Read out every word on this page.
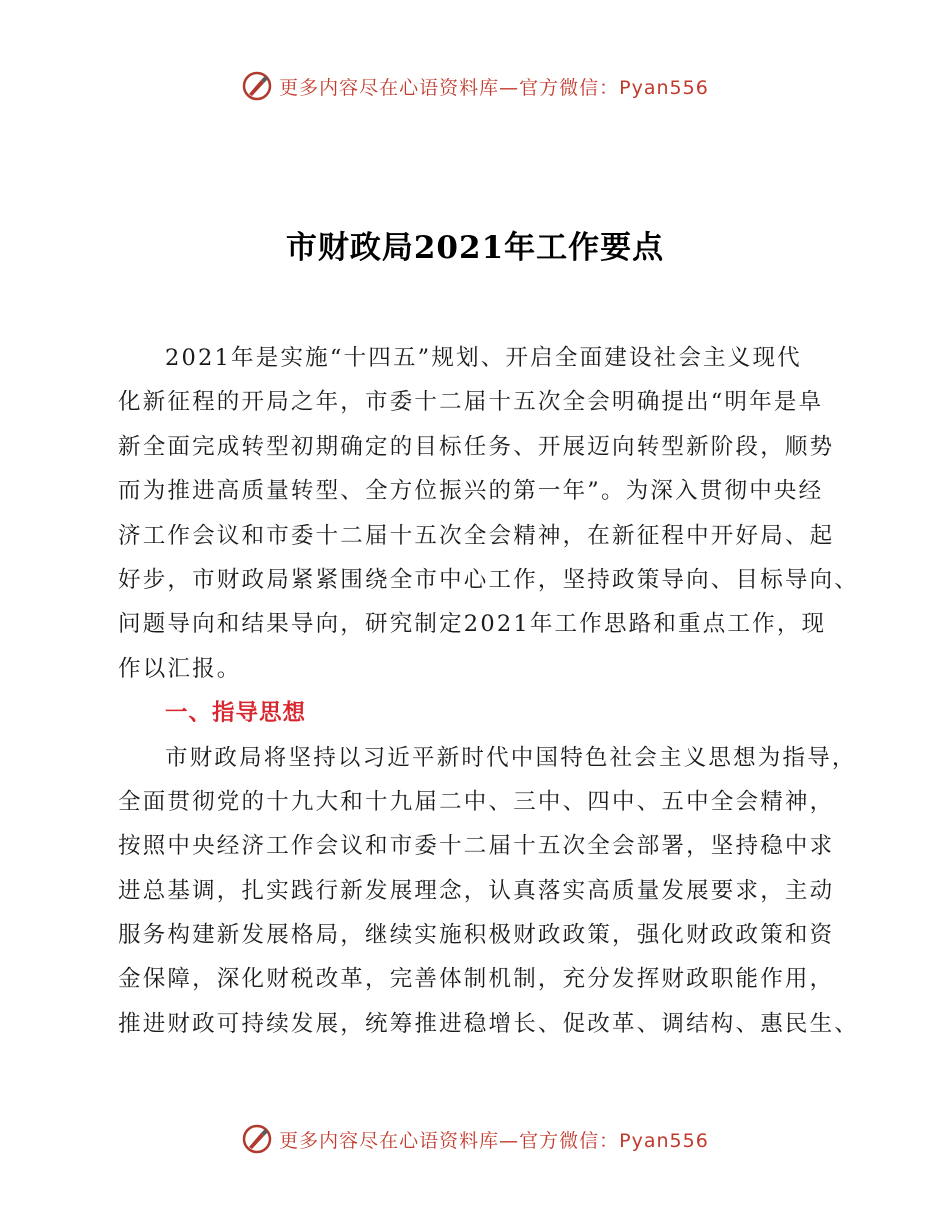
更多内容尽在心语资料库—官方微信：Pyan556
市财政局2021年工作要点
2021年是实施“十四五”规划、开启全面建设社会主义现代
化新征程的开局之年，市委十二届十五次全会明确提出“明年是阜
新全面完成转型初期确定的目标任务、开展迈向转型新阶段，顺势
而为推进高质量转型、全方位振兴的第一年”。为深入贯彻中央经
济工作会议和市委十二届十五次全会精神，在新征程中开好局、起
好步，市财政局紧紧围绕全市中心工作，坚持政策导向、目标导向、
问题导向和结果导向，研究制定2021年工作思路和重点工作，现
作以汇报。
一、指导思想
市财政局将坚持以习近平新时代中国特色社会主义思想为指导，
全面贯彻党的十九大和十九届二中、三中、四中、五中全会精神，
按照中央经济工作会议和市委十二届十五次全会部署，坚持稳中求
进总基调，扎实践行新发展理念，认真落实高质量发展要求，主动
服务构建新发展格局，继续实施积极财政政策，强化财政政策和资
金保障，深化财税改革，完善体制机制，充分发挥财政职能作用，
推进财政可持续发展，统筹推进稳增长、促改革、调结构、惠民生、
更多内容尽在心语资料库—官方微信：Pyan556
